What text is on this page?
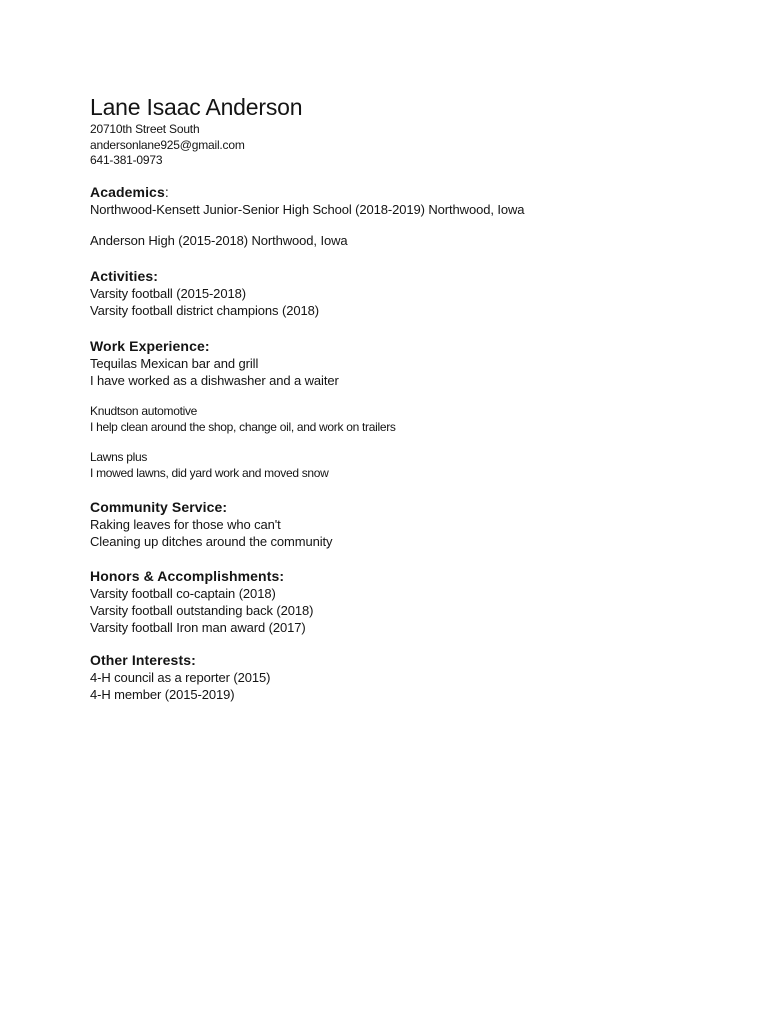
Lane Isaac Anderson
20710th Street South
andersonlane925@gmail.com
641-381-0973
Academics:
Northwood-Kensett Junior-Senior High School (2018-2019) Northwood, Iowa
Anderson High (2015-2018) Northwood, Iowa
Activities:
Varsity football (2015-2018)
Varsity football district champions (2018)
Work Experience:
Tequilas Mexican bar and grill
I have worked as a dishwasher and a waiter
Knudtson automotive
I help clean around the shop, change oil, and work on trailers
Lawns plus
I mowed lawns, did yard work and moved snow
Community Service:
Raking leaves for those who can't
Cleaning up ditches around the community
Honors & Accomplishments:
Varsity football co-captain (2018)
Varsity football outstanding back (2018)
Varsity football Iron man award (2017)
Other Interests:
4-H council as a reporter (2015)
4-H member (2015-2019)
